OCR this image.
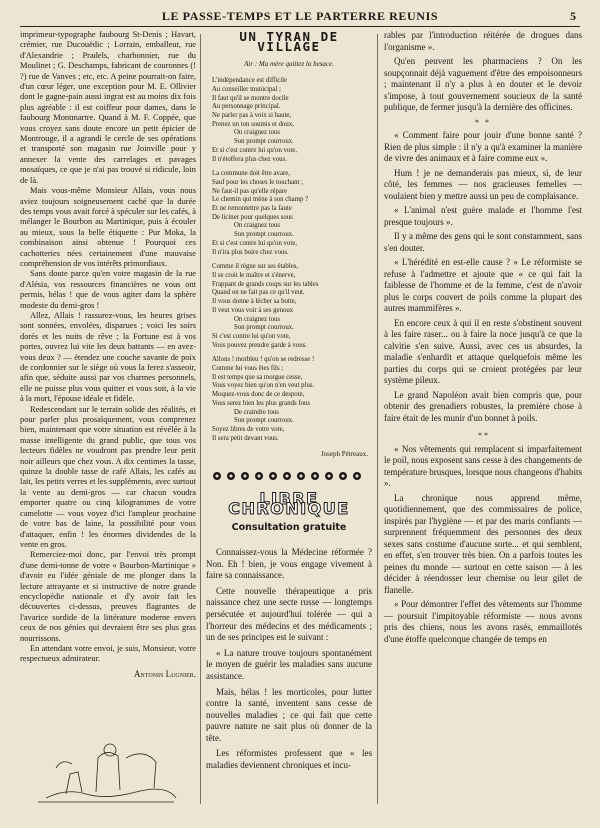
LE PASSE-TEMPS ET LE PARTERRE REUNIS	5

imprimeur-typographe faubourg St-Denis ; Havart, crémier, rue Ducouëdic ; Lorrain, emballeur, rue d'Alexandrie ; Pradels, charbonnier, rue du Moulinet ; G. Deschamps, fabricant de couronnes (! ?) rue de Vanves ; etc, etc. A peine pourrait-on faire, d'un cœur léger, une exception pour M. E. Ollivier dont le gagne-pain aussi ingrat est au moins dix fois plus agréable : il est coiffeur pour dames, dans le faubourg Montmartre. Quand à M. F. Coppée, que vous croyez sans doute encore un petit épicier de Montrouge, il a agrandi le cercle de ses opérations et transporté son magasin rue Joinville pour y annexer la vente des carrelages et pavages mosaïques, ce que je n'ai pas trouvé si ridicule, loin de là.

Mais vous-même Monsieur Allais, vous nous aviez toujours soigneusement caché que la durée des temps vous avait forcé à spéculer sur les cafés, à mélanger le Bourbon au Martinique, puis à écouler au mieux, sous la belle étiquette : Pur Moka, la combinaison ainsi obtenue ! Pourquoi ces cachotteries nées certainement d'une mauvaise compréhension de vos intérêts primordiaux.

Sans doute parce qu'en votre magasin de la rue d'Alésia, vos ressources financières ne vous ont permis, hélas ! que de vous agiter dans la sphère modeste du demi-gros !

Allez, Allais ! rassurez-vous, les heures grises sont sonnées, envolées, disparues ; voici les soirs dorés et les nuits de rêve ; la Fortune est à vos portes, ouvrez lui vite les deux battants — en avez-vous deux ? — étendez une couche savante de poix de cordonnier sur le siège où vous la ferez s'asseoir, afin que, séduite aussi par vos charmes personnels, elle ne puisse plus vous quitter et vous soit, à la vie à la mort, l'épouse idéale et fidèle.

Redescendant sur le terrain solide des réalités, et pour parler plus prosaïquement, vous comprenez bien, maintenant que votre situation est révélée à la masse intelligente du grand public, que tous vos lecteurs fidèles ne voudront pas prendre leur petit noir ailleurs que chez vous. A dix centimes la tasse, quinze la double tasse de café Allais, les cafés au lait, les petits verres et les suppléments, avec surtout la vente au demi-gros — car chacun voudra emporter quatre ou cinq kilogrammes de votre camelotte — vous voyez d'ici l'ampleur prochaine de votre bas de laine, la possibilité pour vous d'attaquer, enfin ! les énormes dividendes de la vente en gros.

Remerciez-moi donc, par l'envoi très prompt d'une demi-tonne de votre « Bourbon-Martinique » d'avoir eu l'idée géniale de me plonger dans la lecture attrayante et si instructive de notre grande encyclopédie nationale et d'y avoir fait les découvertes ci-dessus, preuves flagrantes de l'avarice sordide de la littérature moderne envers ceux de nos génies qui devraient être ses plus gras nourrissons.

En attendant votre envoi, je suis, Monsieur, votre respectueux admirateur.

Antonin Lugnier.
UN TYRAN DE VILLAGE
Air : Ma mère quittez la besace.
L'indépendance est difficile
Au conseiller municipal ;
Il faut qu'il se montre docile
Au personnage principal.
Ne parler pas à voix si haute,
Prenez un ton soumis et doux,
On craignez tous
Son prompt courroux.
Et si c'est contre lui qu'on vote,
Il n'étoffera plus chez vous.
La commune doit être avare,
Sauf pour les choses le touchant ;
Ne faut-il pas qu'elle répare
Le chemin qui mène à son champ ?
Et ne remontettre pas la faute
De liciner pour quelques sous
On craignez tous
Son prompt courroux.
Et si c'est contre lui qu'on vote,
Il n'ira plus boire chez vous.
Comme il règne sur ses étables,
Il se croit le maître et s'énerve,
Frappant de grands coups sur les tables
Quand on ne fait pas ce qu'il veut.
Il vous donne à lécher sa botte,
Il veut vous voir à ses genoux
On craignez tous
Son prompt courroux.
Si c'est contre lui qu'on vote,
Vous pouvez prendre garde à vous.
Allons ! morbleu ! qu'on se redresse !
Comme lui vous êtes fils ;
Il est temps que sa morgue cesse,
Vous voyez bien qu'on n'en veut plus.
Moquez-vous donc de ce despote,
Vous serez bien les plus grands fous
De craindre tous
Son prompt courroux.
Soyez libres de votre vote,
Il sera petit devant vous.
Joseph Pétreaux.
LIBRE CHRONIQUE
Consultation gratuite

Connaissez-vous la Médecine réformée ? Non. Eh ! bien, je vous engage vivement à faire sa connaissance.

Cette nouvelle thérapeutique a pris naissance chez une secte russe — longtemps persécutée et aujourd'hui tolérée — qui a l'horreur des médecins et des médicaments ; un de ses principes est le suivant :

« La nature trouve toujours spontanément le moyen de guérir les maladies sans aucune assistance.

Mais, hélas ! les morticoles, pour lutter contre la santé, inventent sans cesse de nouvelles maladies ; ce qui fait que cette pauvre nature ne sait plus où donner de la tête.

Les réformistes professent que « les maladies deviennent chroniques et incu-

rables par l'introduction réitérée de drogues dans l'organisme ».

Qu'en peuvent les pharmaciens ? On les soupçonnait déjà vaguement d'être des empoisonneurs ; maintenant il n'y a plus à en douter et le devoir s'impose, à tout gouvernement soucieux de la santé publique, de fermer jusqu'à la dernière des officines.

* *

« Comment faire pour jouir d'une bonne santé ? Rien de plus simple : il n'y a qu'à examiner la manière de vivre des animaux et à faire comme eux ».

Hum ! je ne demanderais pas mieux, si, de leur côté, les femmes — nos gracieuses femelles — voulaient bien y mettre aussi un peu de complaisance.

« L'animal n'est guère malade et l'homme l'est presque toujours ».

Il y a même des gens qui le sont constamment, sans s'en douter.

« L'hérédité en est-elle cause ? » Le réformiste se refuse à l'admettre et ajoute que « ce qui fait la faiblesse de l'homme et de la femme, c'est de n'avoir plus le corps couvert de poils comme la plupart des autres mammifères ».

En encore ceux à qui il en reste s'obstinent souvent à les faire raser... ou à faire la noce jusqu'à ce que la calvitie s'en suive. Aussi, avec ces us absurdes, la maladie s'enhardit et attaque quelquefois même les parties du corps qui se croient protégées par leur système pileux.

Le grand Napoléon avait bien compris que, pour obtenir des grenadiers robustes, la première chose à faire était de les munir d'un bonnet à poils.

* *

« Nos vêtements qui remplacent si imparfaitement le poil, nous exposent sans cesse à des changements de température brusques, lorsque nous changeons d'habits ».

La chronique nous apprend même, quotidiennement, que des commissaires de police, inspirés par l'hygiène — et par des maris confiants — surprennent fréquemment des personnes des deux sexes sans costume d'aucune sorte... et qui semblent, en effet, s'en trouver très bien. On a parfois toutes les peines du monde — surtout en cette saison — à les décider à réendosser leur chemise ou leur gilet de flanelle.

« Pour démontrer l'effet des vêtements sur l'homme — poursuit l'impitoyable réformiste — nous avons pris des chiens, nous les avons rasés, emmaillotés d'une étoffe quelconque changée de temps en
